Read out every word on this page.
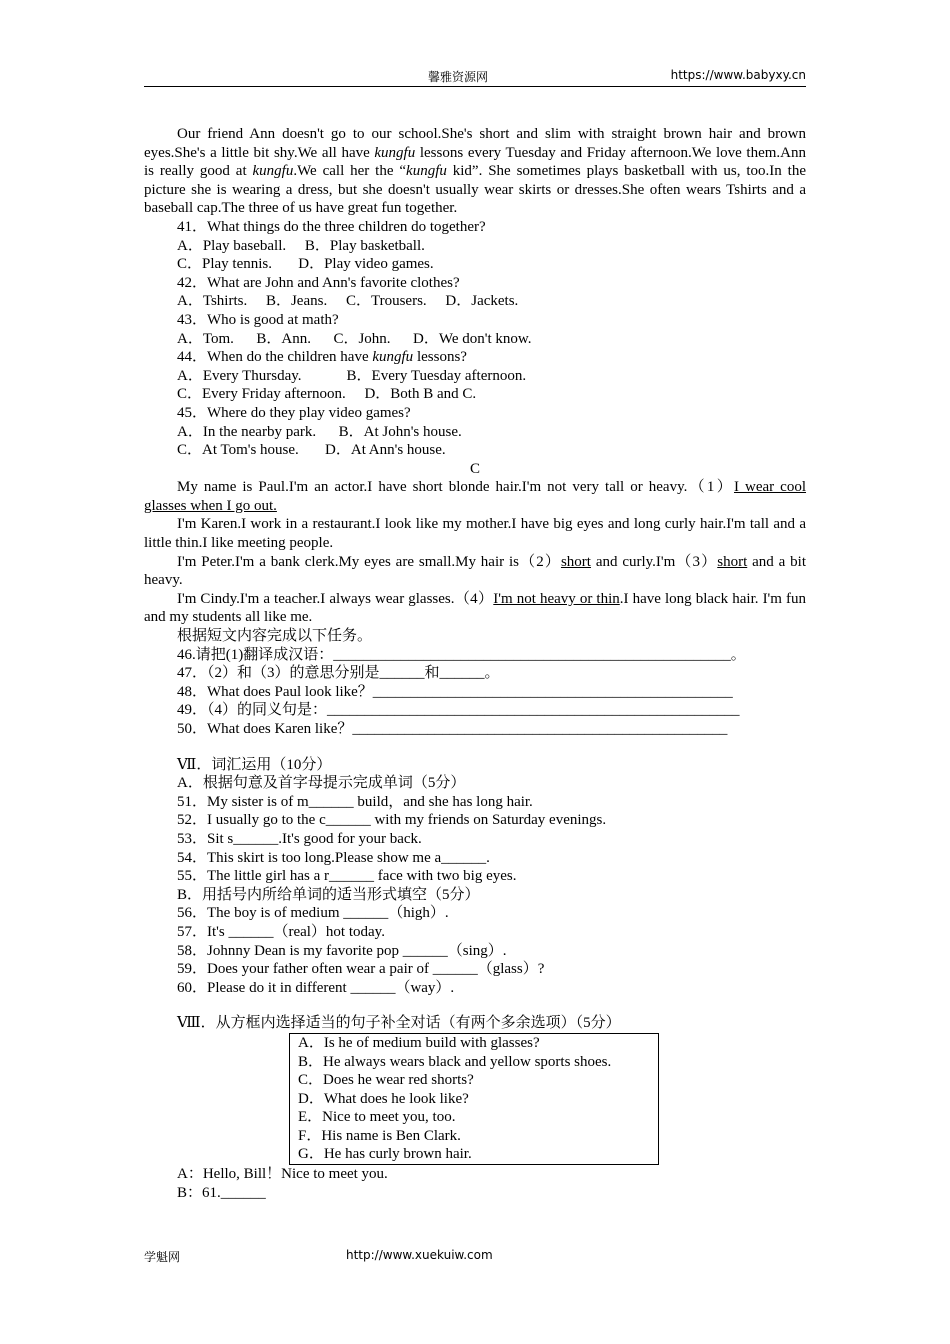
馨雅资源网	https://www.babyxy.cn

Our friend Ann doesn't go to our school.She's short and slim with straight brown hair and brown eyes.She's a little bit shy.We all have kungfu lessons every Tuesday and Friday afternoon.We love them.Ann is really good at kungfu.We call her the “kungfu kid”. She sometimes plays basketball with us, too.In the picture she is wearing a dress, but she doesn't usually wear skirts or dresses.She often wears Tshirts and a baseball cap.The three of us have great fun together.

41．What things do the three children do together?

A．Play baseball.     B．Play basketball.

C．Play tennis.       D．Play video games.

42．What are John and Ann's favorite clothes?

A．Tshirts.     B．Jeans.     C．Trousers.     D．Jackets.

43．Who is good at math?

A．Tom.      B．Ann.      C．John.      D．We don't know.

44．When do the children have kungfu lessons?

A．Every Thursday.            B．Every Tuesday afternoon.

C．Every Friday afternoon.     D．Both B and C.

45．Where do they play video games?

A．In the nearby park.      B．At John's house.

C．At Tom's house.       D．At Ann's house.

C

My name is Paul.I'm an actor.I have short blonde hair.I'm not very tall or heavy.（1）I wear cool glasses when I go out.

I'm Karen.I work in a restaurant.I look like my mother.I have big eyes and long curly hair.I'm tall and a little thin.I like meeting people.

I'm Peter.I'm a bank clerk.My eyes are small.My hair is（2）short and curly.I'm（3）short and a bit heavy.

I'm Cindy.I'm a teacher.I always wear glasses.（4）I'm not heavy or thin.I have long black hair. I'm fun and my students all like me.

根据短文内容完成以下任务。

46.请把(1)翻译成汉语：_____________________________________________________。

47．（2）和（3）的意思分别是______和______。

48．What does Paul look like？________________________________________________

49．（4）的同义句是：_______________________________________________________

50．What does Karen like？__________________________________________________

Ⅶ．词汇运用（10分）

A．根据句意及首字母提示完成单词（5分）

51．My sister is of m______ build，and she has long hair.

52．I usually go to the c______ with my friends on Saturday evenings.

53．Sit s______.It's good for your back.

54．This skirt is too long.Please show me a______.

55．The little girl has a r______ face with two big eyes.

B．用括号内所给单词的适当形式填空（5分）

56．The boy is of medium ______（high）.

57．It's ______（real）hot today.

58．Johnny Dean is my favorite pop ______（sing）.

59．Does your father often wear a pair of ______（glass）?

60．Please do it in different ______（way）.

Ⅷ．从方框内选择适当的句子补全对话（有两个多余选项）（5分）

A．Is he of medium build with glasses?
B．He always wears black and yellow sports shoes.
C．Does he wear red shorts?
D．What does he look like?
E．Nice to meet you, too.
F．His name is Ben Clark.
G．He has curly brown hair.

A：Hello, Bill！Nice to meet you.

B：61.______

学魁网	http://www.xuekuiw.com
